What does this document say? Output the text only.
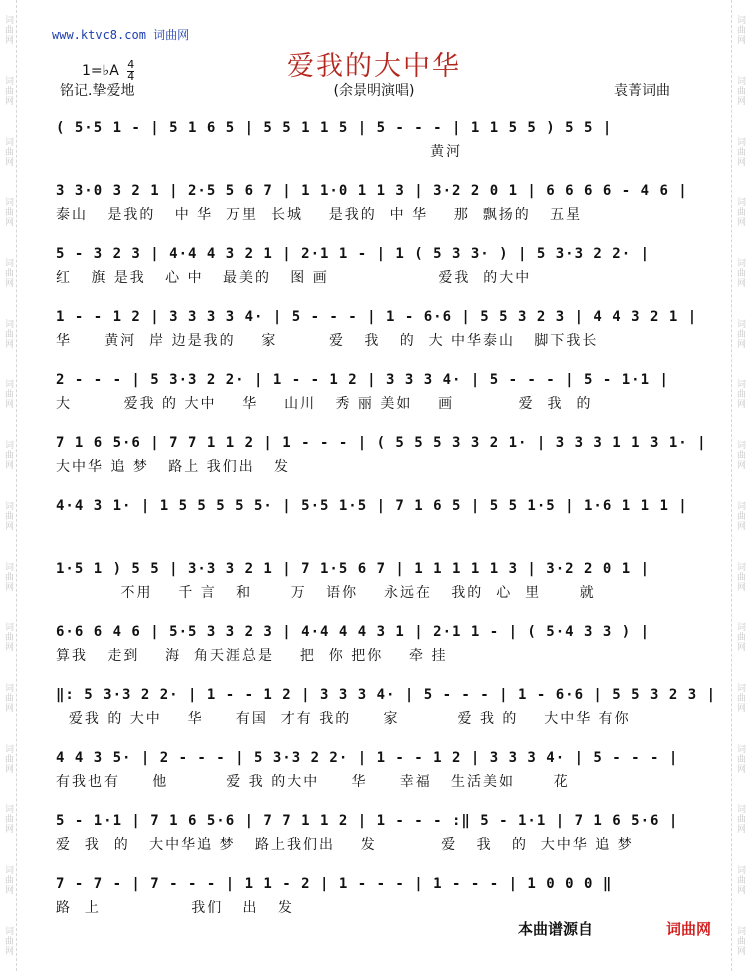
词曲网
词曲网
词曲网
词曲网
词曲网
词曲网
词曲网
词曲网
词曲网
词曲网
词曲网
词曲网
词曲网
词曲网
词曲网
词曲网
词曲网
词曲网
词曲网
词曲网
词曲网
词曲网
词曲网
词曲网
词曲网
词曲网
词曲网
词曲网
词曲网
词曲网
词曲网
词曲网
www.ktvc8.com 词曲网
爱我的大中华
1=♭A $\frac{4}{4}$
铭记.挚爱地	(余景明演唱)	袁菁词曲
( 5·5 1 - | 5 1 6 5 | 5 5 1 1 5 | 5 - - - | 1 1 5 5 ) 5 5 |
黄河
3 3·0 3 2 1 | 2·5 5 6 7 | 1 1·0 1 1 3 | 3·2 2 0 1 | 6 6 6 6 - 4 6 |
泰山   是我的   中 华  万里  长城    是我的  中 华    那  飘扬的   五星
5 - 3 2 3 | 4·4 4 3 2 1 | 2·1 1 - | 1 ( 5 3 3· ) | 5 3·3 2 2· |
红   旗 是我   心 中   最美的   图 画                 爱我  的大中
1 - - 1 2 | 3 3 3 3 4· | 5 - - - | 1 - 6·6 | 5 5 3 2 3 | 4 4 3 2 1 |
华     黄河  岸 边是我的    家        爱   我   的  大 中华泰山   脚下我长
2 - - - | 5 3·3 2 2· | 1 - - 1 2 | 3 3 3 4· | 5 - - - | 5 - 1·1 |
大        爱我 的 大中    华    山川   秀 丽 美如    画          爱  我  的
7 1 6 5·6 | 7 7 1 1 2 | 1 - - - | ( 5 5 5 3 3 2 1· | 3 3 3 1 1 3 1· |
大中华 追 梦   路上 我们出   发
4·4 3 1· | 1 5 5 5 5 5· | 5·5 1·5 | 7 1 6 5 | 5 5 1·5 | 1·6 1 1 1 |
1·5 1 ) 5 5 | 3·3 3 2 1 | 7 1·5 6 7 | 1 1 1 1 1 3 | 3·2 2 0 1 |
不用    千 言   和      万   语你    永远在   我的  心  里      就
6·6 6 4 6 | 5·5 3 3 2 3 | 4·4 4 4 3 1 | 2·1 1 - | ( 5·4 3 3 ) |
算我   走到    海  角天涯总是    把  你 把你    牵 挂
‖: 5 3·3 2 2· | 1 - - 1 2 | 3 3 3 4· | 5 - - - | 1 - 6·6 | 5 5 3 2 3 |
爱我 的 大中    华     有国  才有 我的     家         爱 我 的    大中华 有你
4 4 3 5· | 2 - - - | 5 3·3 2 2· | 1 - - 1 2 | 3 3 3 4· | 5 - - - |
有我也有     他         爱 我 的大中     华     幸福   生活美如      花
5 - 1·1 | 7 1 6 5·6 | 7 7 1 1 2 | 1 - - - :‖ 5 - 1·1 | 7 1 6 5·6 |
爱  我  的   大中华追 梦   路上我们出    发          爱   我   的  大中华 追 梦
7 - 7 - | 7 - - - | 1 1 - 2 | 1 - - - | 1 - - - | 1 0 0 0 ‖
路  上              我们   出   发
本曲谱源自	词曲网
